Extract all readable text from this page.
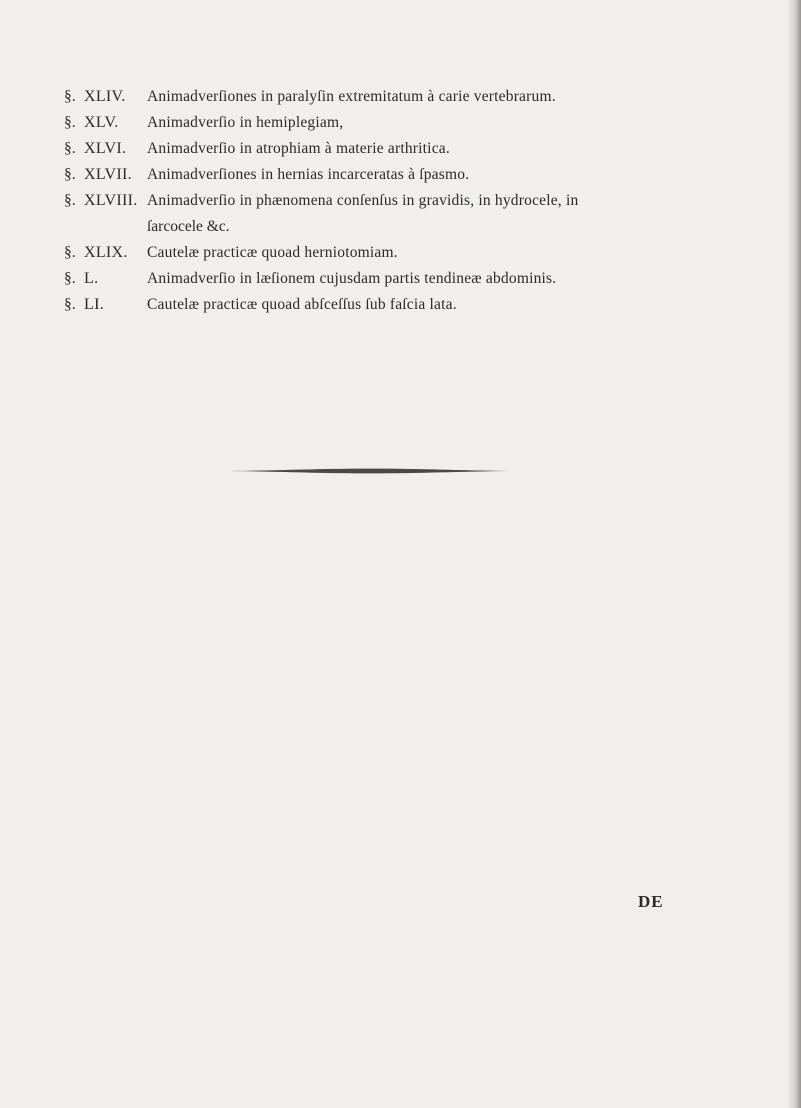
§. XLIV. Animadverſiones in paralyſin extremitatum à carie vertebrarum.
§. XLV. Animadverſio in hemiplegiam,
§. XLVI. Animadverſio in atrophiam à materie arthritica.
§. XLVII. Animadverſiones in hernias incarceratas à ſpasmo.
§. XLVIII. Animadverſio in phænomena conſenſus in gravidis, in hydrocele, in
ſarcocele &c.
§. XLIX. Cautelæ practicæ quoad herniotomiam.
§. L.	Animadverſio in læſionem cujusdam partis tendineæ abdominis.
§. LI.	Cautelæ practicæ quoad abſceſſus ſub faſcia lata.
DE
